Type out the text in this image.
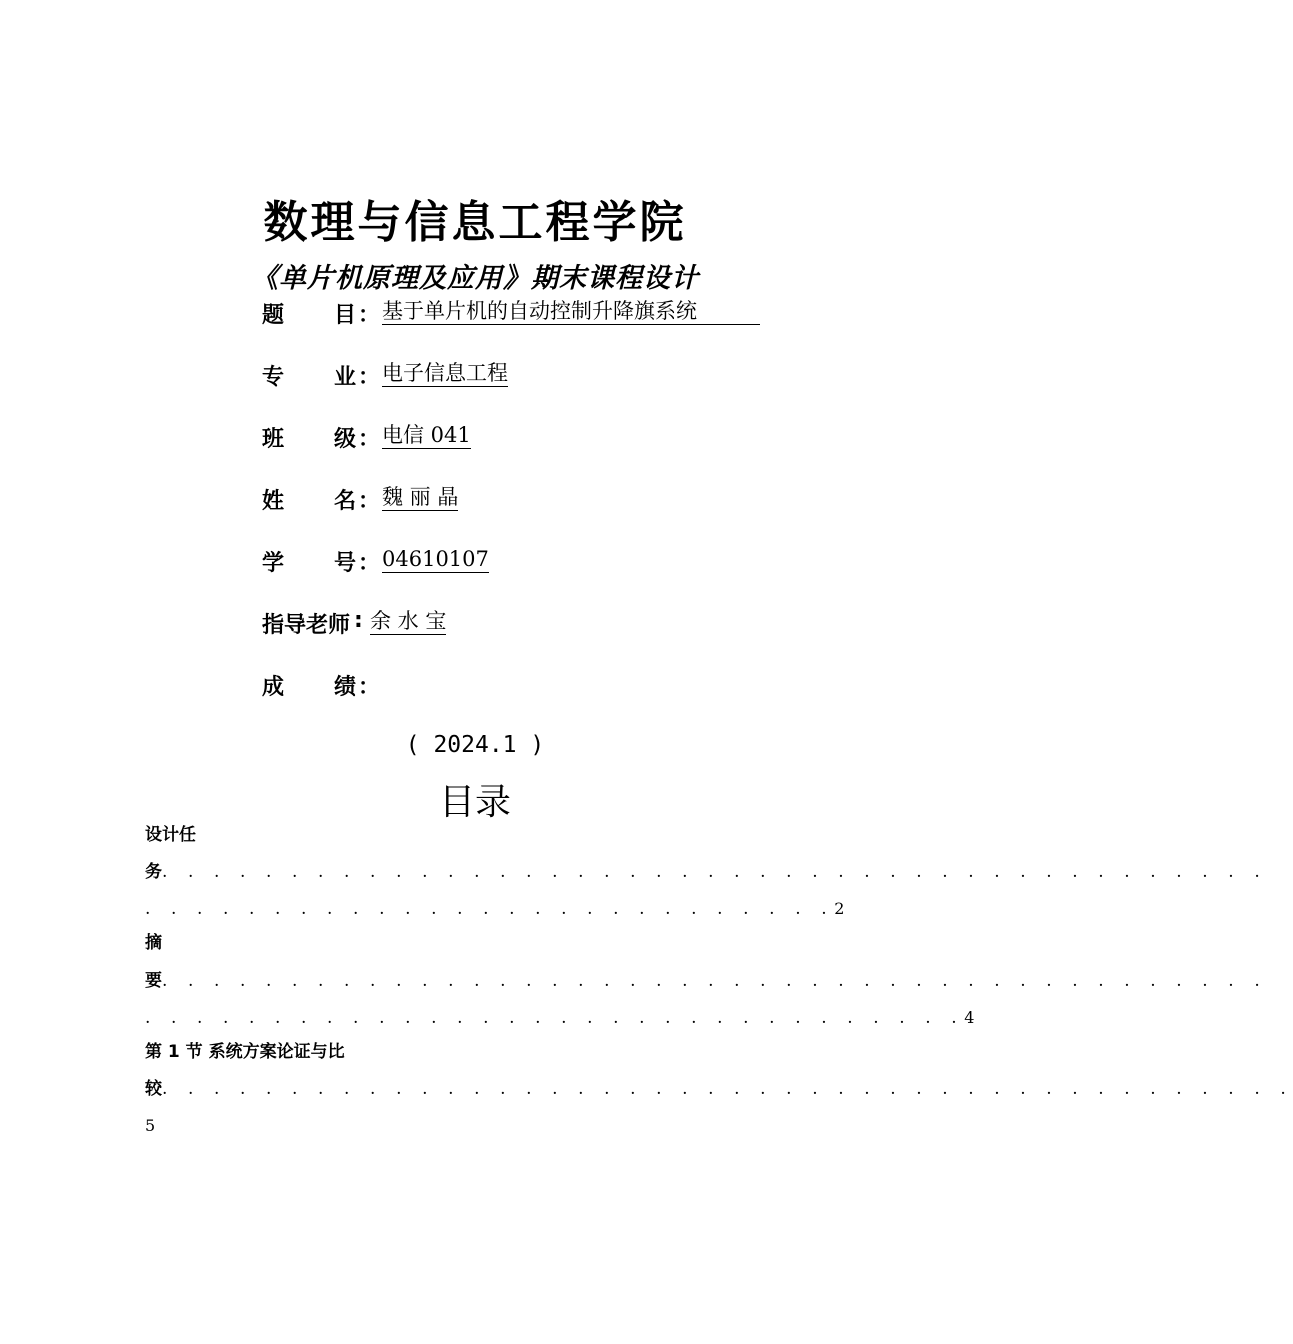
数理与信息工程学院
《单片机原理及应用》期末课程设计
题 目 ： 基于单片机的自动控制升降旗系统　　　
专 业 ： 电子信息工程
班 级 ： 电信 041
姓 名 ： 魏 丽 晶
学 号 ： 04610107
指导老师 : 余 水 宝
成 绩 ：
( 2024.1 )
目录
设计任
务. . . . . . . . . . . . . . . . . . . . . . . . . . . . . . . . . . . . . . . . . . .
. . . . . . . . . . . . . . . . . . . . . . . . . . .2
摘
要. . . . . . . . . . . . . . . . . . . . . . . . . . . . . . . . . . . . . . . . . . .
. . . . . . . . . . . . . . . . . . . . . . . . . . . . . . . .4
第 1 节 系统方案论证与比
较. . . . . . . . . . . . . . . . . . . . . . . . . . . . . . . . . . . . . . . . . . . .
5
